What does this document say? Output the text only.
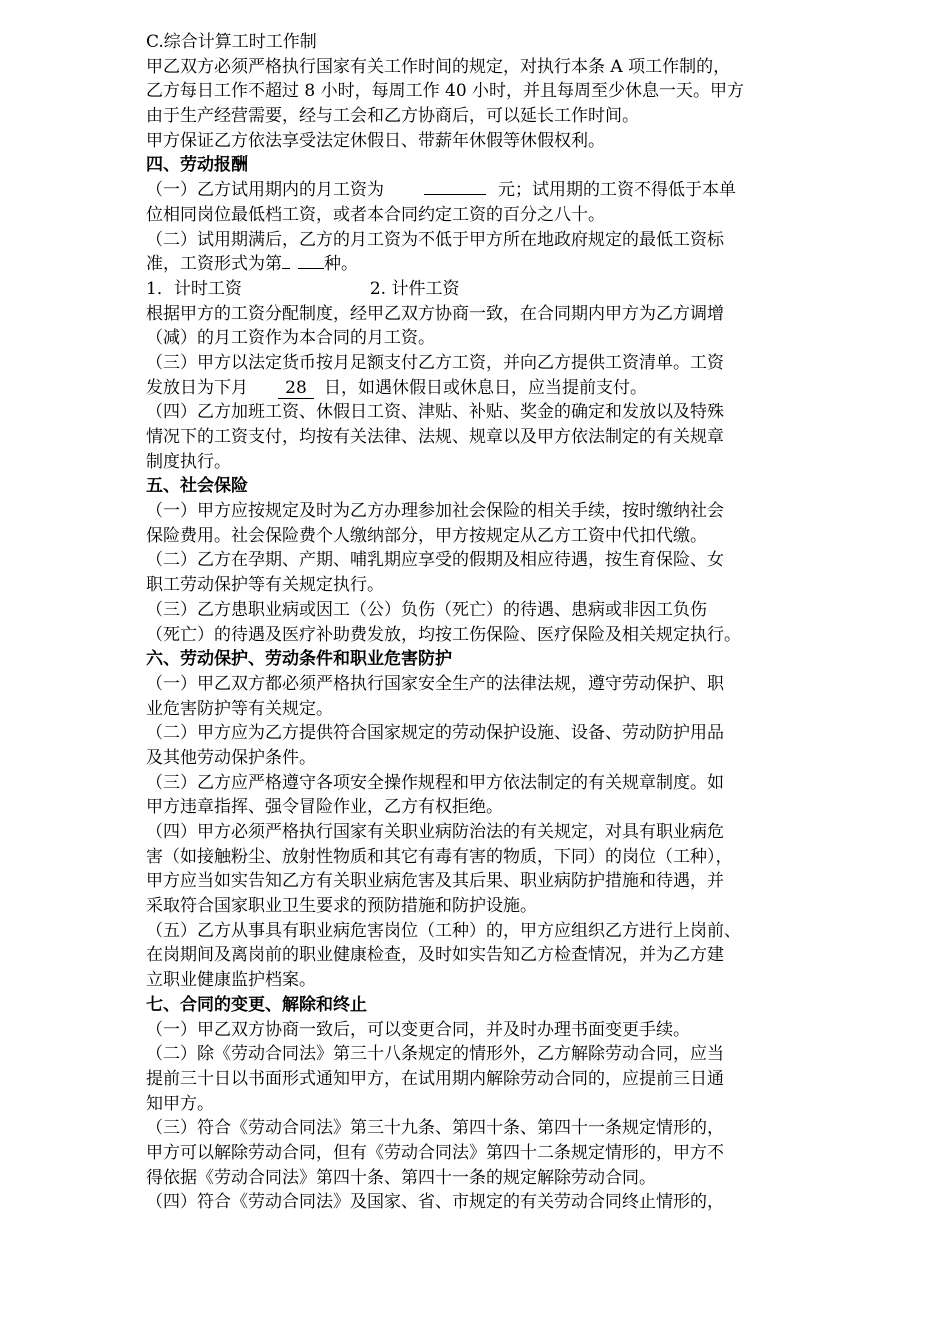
C.综合计算工时工作制
甲乙双方必须严格执行国家有关工作时间的规定，对执行本条 A 项工作制的，
乙方每日工作不超过 8 小时，每周工作 40 小时，并且每周至少休息一天。甲方
由于生产经营需要，经与工会和乙方协商后，可以延长工作时间。
甲方保证乙方依法享受法定休假日、带薪年休假等休假权利。
四、劳动报酬
（一）乙方试用期内的月工资为	元；试用期的工资不得低于本单
位相同岗位最低档工资，或者本合同约定工资的百分之八十。
（二）试用期满后，乙方的月工资为不低于甲方所在地政府规定的最低工资标
准，工资形式为第 种。
1．计时工资	2. 计件工资
根据甲方的工资分配制度，经甲乙双方协商一致，在合同期内甲方为乙方调增
（减）的月工资作为本合同的月工资。
（三）甲方以法定货币按月足额支付乙方工资，并向乙方提供工资清单。工资
发放日为下月 28 日，如遇休假日或休息日，应当提前支付。
（四）乙方加班工资、休假日工资、津贴、补贴、奖金的确定和发放以及特殊
情况下的工资支付，均按有关法律、法规、规章以及甲方依法制定的有关规章
制度执行。
五、社会保险
（一）甲方应按规定及时为乙方办理参加社会保险的相关手续，按时缴纳社会
保险费用。社会保险费个人缴纳部分，甲方按规定从乙方工资中代扣代缴。
（二）乙方在孕期、产期、哺乳期应享受的假期及相应待遇，按生育保险、女
职工劳动保护等有关规定执行。
（三）乙方患职业病或因工（公）负伤（死亡）的待遇、患病或非因工负伤
（死亡）的待遇及医疗补助费发放，均按工伤保险、医疗保险及相关规定执行。
六、劳动保护、劳动条件和职业危害防护
（一）甲乙双方都必须严格执行国家安全生产的法律法规，遵守劳动保护、职
业危害防护等有关规定。
（二）甲方应为乙方提供符合国家规定的劳动保护设施、设备、劳动防护用品
及其他劳动保护条件。
（三）乙方应严格遵守各项安全操作规程和甲方依法制定的有关规章制度。如
甲方违章指挥、强令冒险作业，乙方有权拒绝。
（四）甲方必须严格执行国家有关职业病防治法的有关规定，对具有职业病危
害（如接触粉尘、放射性物质和其它有毒有害的物质，下同）的岗位（工种），
甲方应当如实告知乙方有关职业病危害及其后果、职业病防护措施和待遇，并
采取符合国家职业卫生要求的预防措施和防护设施。
（五）乙方从事具有职业病危害岗位（工种）的，甲方应组织乙方进行上岗前、
在岗期间及离岗前的职业健康检查，及时如实告知乙方检查情况，并为乙方建
立职业健康监护档案。
七、合同的变更、解除和终止
（一）甲乙双方协商一致后，可以变更合同，并及时办理书面变更手续。
（二）除《劳动合同法》第三十八条规定的情形外，乙方解除劳动合同，应当
提前三十日以书面形式通知甲方，在试用期内解除劳动合同的，应提前三日通
知甲方。
（三）符合《劳动合同法》第三十九条、第四十条、第四十一条规定情形的，
甲方可以解除劳动合同，但有《劳动合同法》第四十二条规定情形的，甲方不
得依据《劳动合同法》第四十条、第四十一条的规定解除劳动合同。
（四）符合《劳动合同法》及国家、省、市规定的有关劳动合同终止情形的，
